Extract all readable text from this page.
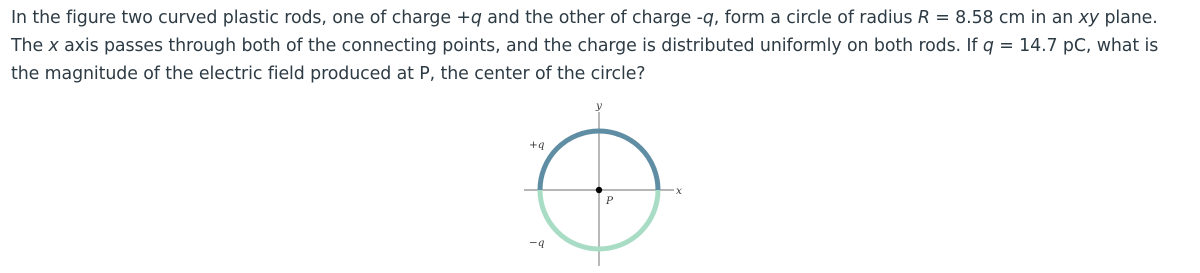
In the figure two curved plastic rods, one of charge +q and the other of charge -q, form a circle of radius R = 8.58 cm in an xy plane. The x axis passes through both of the connecting points, and the charge is distributed uniformly on both rods. If q = 14.7 pC, what is the magnitude of the electric field produced at P, the center of the circle?

y
x
P
+q
−q
